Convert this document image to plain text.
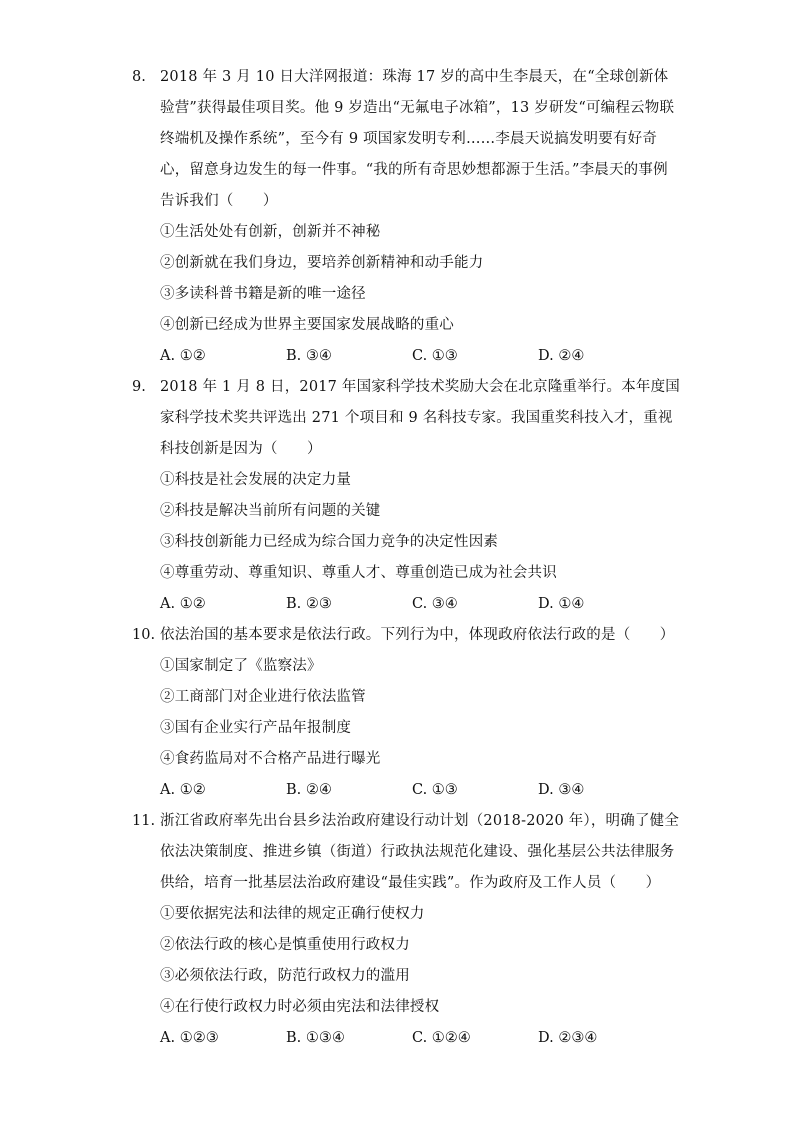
8. 2018 年 3 月 10 日大洋网报道：珠海 17 岁的高中生李晨天，在“全球创新体验营”获得最佳项目奖。他 9 岁造出“无氟电子冰箱”，13 岁研发“可编程云物联终端机及操作系统”，至今有 9 项国家发明专利……李晨天说搞发明要有好奇心，留意身边发生的每一件事。“我的所有奇思妙想都源于生活。”李晨天的事例告诉我们（　　）
①生活处处有创新，创新并不神秘
②创新就在我们身边，要培养创新精神和动手能力
③多读科普书籍是新的唯一途径
④创新已经成为世界主要国家发展战略的重心
A. ①②	B. ③④	C. ①③	D. ②④
9. 2018 年 1 月 8 日，2017 年国家科学技术奖励大会在北京隆重举行。本年度国家科学技术奖共评选出 271 个项目和 9 名科技专家。我国重奖科技入才，重视科技创新是因为（　　）
①科技是社会发展的决定力量
②科技是解决当前所有问题的关键
③科技创新能力已经成为综合国力竞争的决定性因素
④尊重劳动、尊重知识、尊重人才、尊重创造已成为社会共识
A. ①②	B. ②③	C. ③④	D. ①④
10. 依法治国的基本要求是依法行政。下列行为中，体现政府依法行政的是（　　）
①国家制定了《监察法》
②工商部门对企业进行依法监管
③国有企业实行产品年报制度
④食药监局对不合格产品进行曝光
A. ①②	B. ②④	C. ①③	D. ③④
11. 浙江省政府率先出台县乡法治政府建设行动计划（2018-2020 年），明确了健全依法决策制度、推进乡镇（街道）行政执法规范化建设、强化基层公共法律服务供给，培育一批基层法治政府建设“最佳实践”。作为政府及工作人员（　　）
①要依据宪法和法律的规定正确行使权力
②依法行政的核心是慎重使用行政权力
③必须依法行政，防范行政权力的滥用
④在行使行政权力时必须由宪法和法律授权
A. ①②③	B. ①③④	C. ①②④	D. ②③④
